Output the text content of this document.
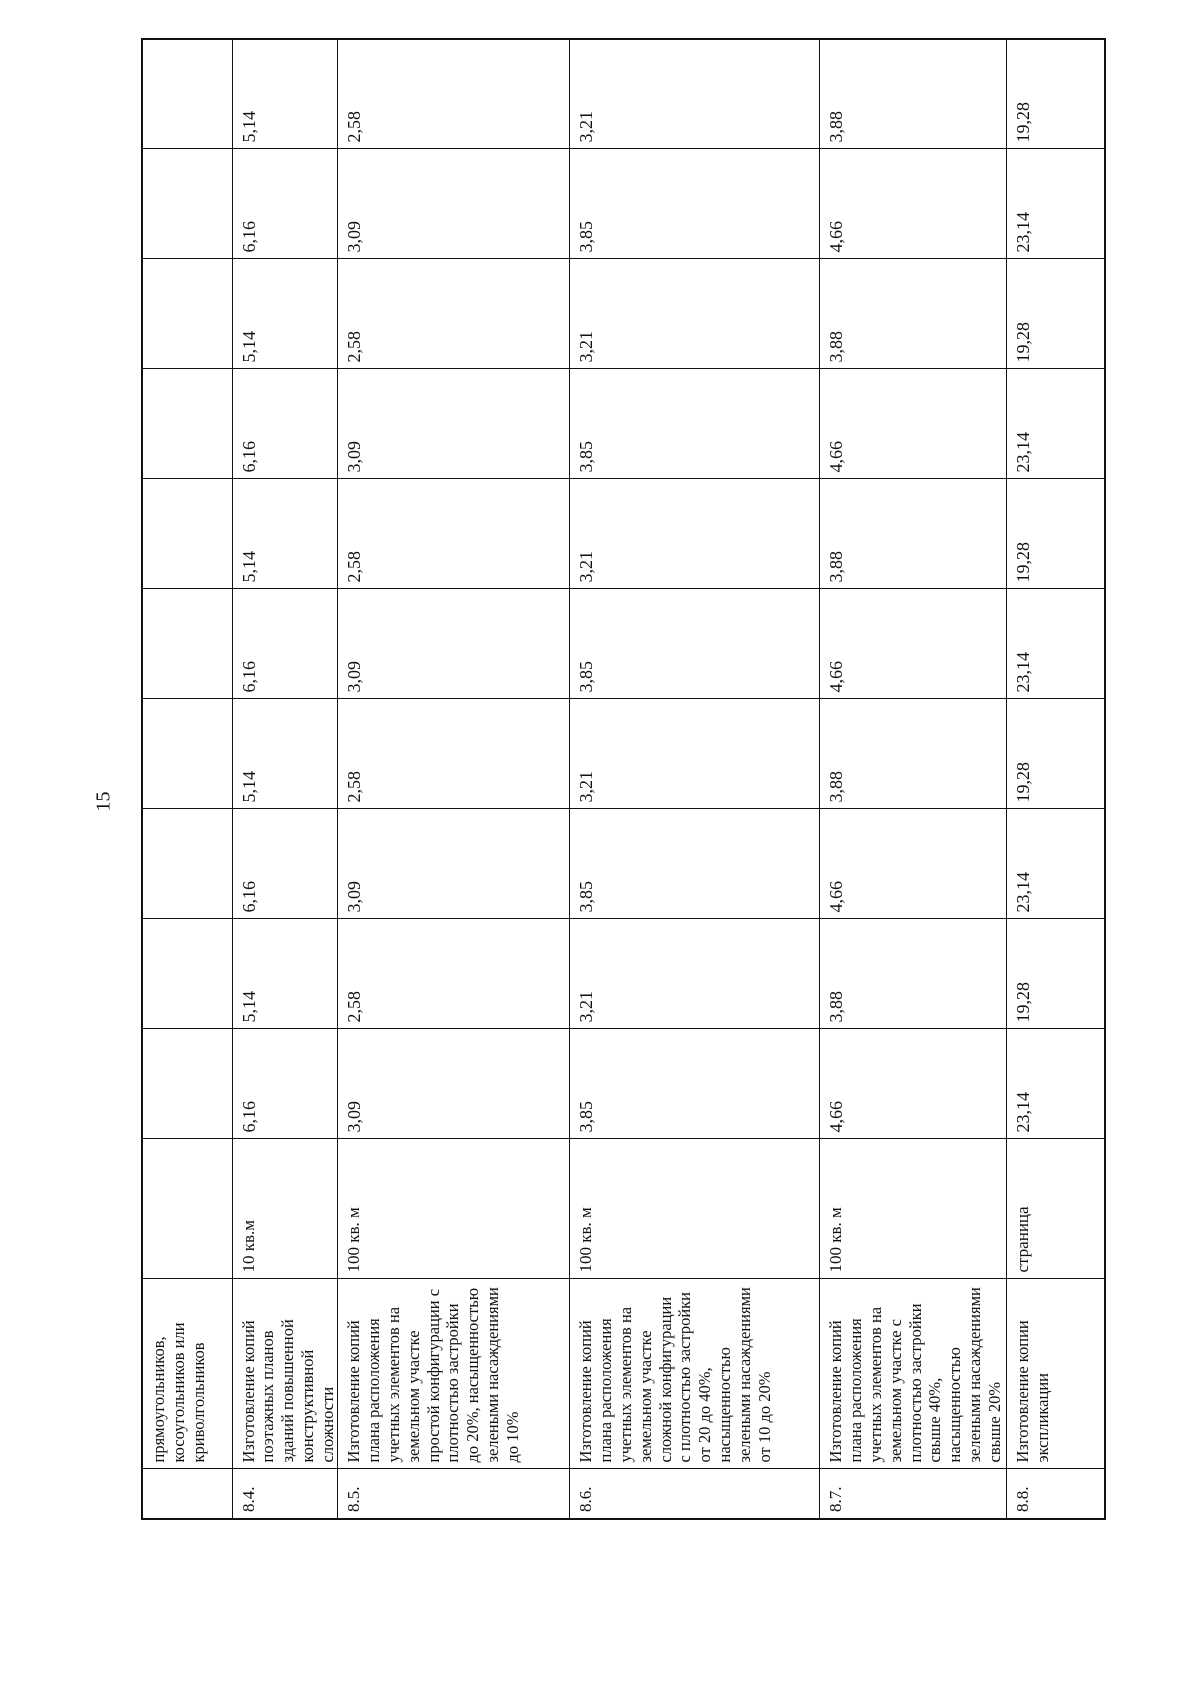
15
	прямоугольников, косоугольников или криволгольников											
8.4.	Изготовление копий поэтажных планов зданий повышенной конструктивной сложности	10 кв.м	6,16	5,14	6,16	5,14	6,16	5,14	6,16	5,14	6,16	5,14
8.5.	Изготовление копий плана расположения учетных элементов на земельном участке простой конфигурации с плотностью застройки до 20%, насыщенностью зелеными насаждениями до 10%	100 кв. м	3,09	2,58	3,09	2,58	3,09	2,58	3,09	2,58	3,09	2,58
8.6.	Изготовление копий плана расположения учетных элементов на земельном участке сложной конфигурации с плотностью застройки от 20 до 40%, насыщенностью зелеными насаждениями от 10 до 20%	100 кв. м	3,85	3,21	3,85	3,21	3,85	3,21	3,85	3,21	3,85	3,21
8.7.	Изготовление копий плана расположения учетных элементов на земельном участке с плотностью застройки свыше 40%, насыщенностью зелеными насаждениями свыше 20%	100 кв. м	4,66	3,88	4,66	3,88	4,66	3,88	4,66	3,88	4,66	3,88
8.8.	Изготовление копии экспликации	страница	23,14	19,28	23,14	19,28	23,14	19,28	23,14	19,28	23,14	19,28
